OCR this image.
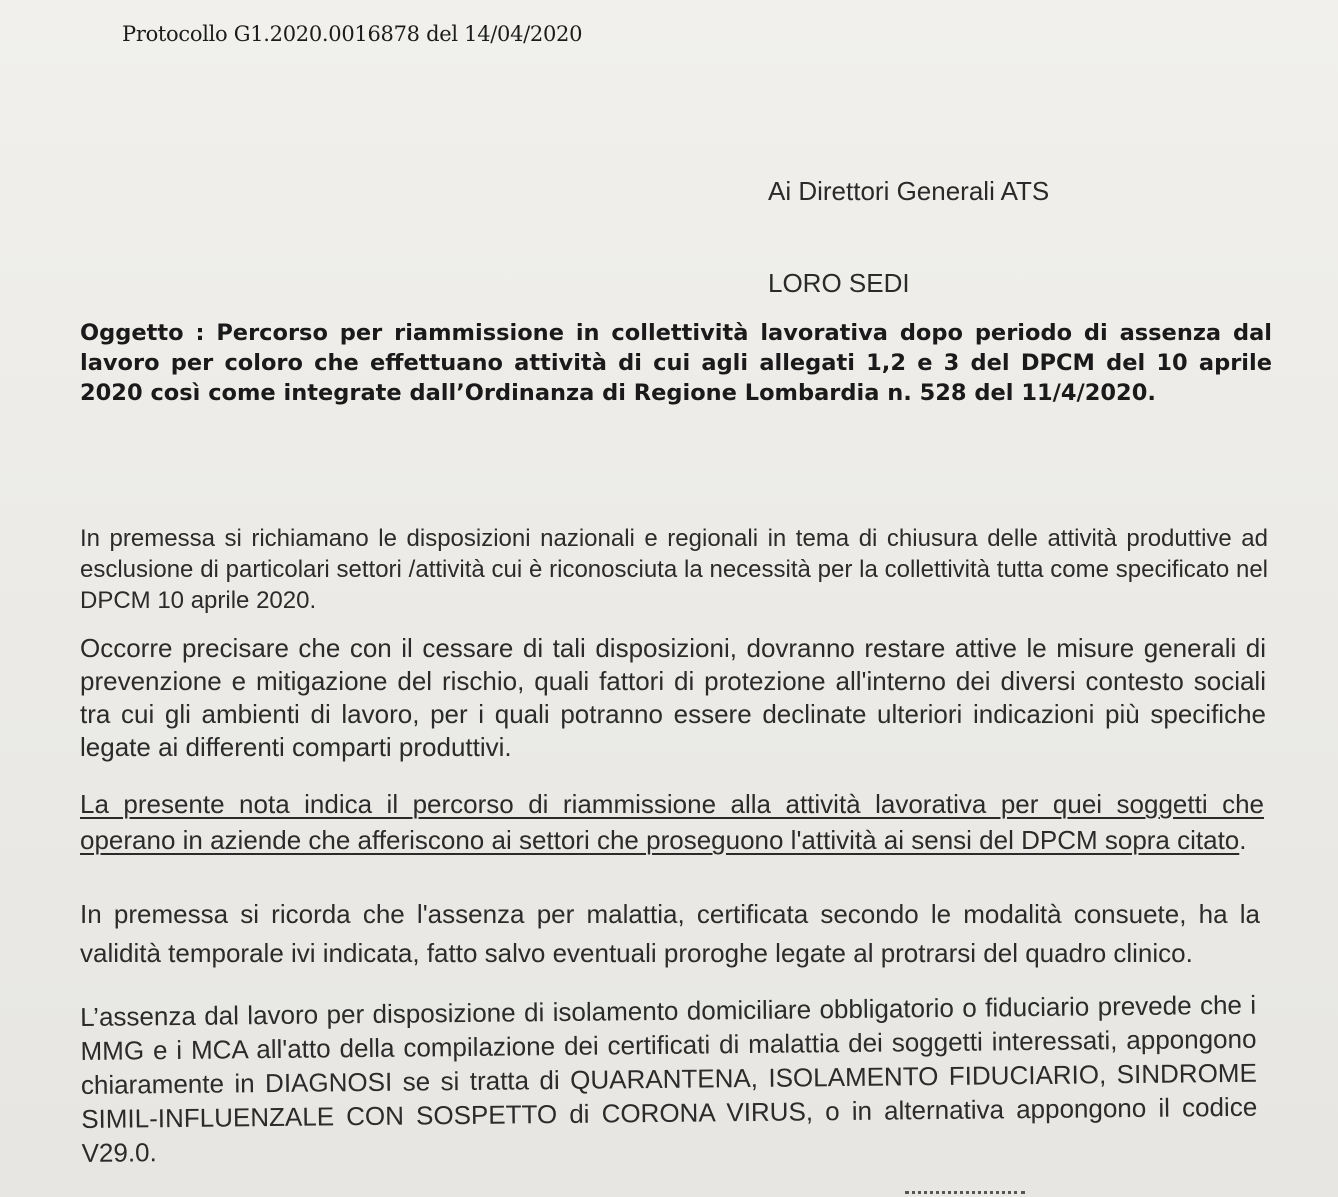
Protocollo G1.2020.0016878 del 14/04/2020
Ai Direttori Generali ATS
LORO SEDI

Oggetto : Percorso per riammissione in collettività lavorativa dopo periodo di assenza dal lavoro per coloro che effettuano attività di cui agli allegati 1,2 e 3 del DPCM del 10 aprile 2020 così come integrate dall’Ordinanza di Regione Lombardia n. 528 del 11/4/2020.

In premessa si richiamano le disposizioni nazionali e regionali in tema di chiusura delle attività produttive ad esclusione di particolari settori /attività cui è riconosciuta la necessità per la collettività tutta come specificato nel DPCM 10 aprile 2020.

Occorre precisare che con il cessare di tali disposizioni, dovranno restare attive le misure generali di prevenzione e mitigazione del rischio, quali fattori di protezione all'interno dei diversi contesto sociali tra cui gli ambienti di lavoro, per i quali potranno essere declinate ulteriori indicazioni più specifiche legate ai differenti comparti produttivi.

La presente nota indica il percorso di riammissione alla attività lavorativa per quei soggetti che operano in aziende che afferiscono ai settori che proseguono l'attività ai sensi del DPCM sopra citato.

In premessa si ricorda che l'assenza per malattia, certificata secondo le modalità consuete, ha la validità temporale ivi indicata, fatto salvo eventuali proroghe legate al protrarsi del quadro clinico.

L’assenza dal lavoro per disposizione di isolamento domiciliare obbligatorio o fiduciario prevede che i MMG e i MCA all'atto della compilazione dei certificati di malattia dei soggetti interessati, appongono chiaramente in DIAGNOSI se si tratta di QUARANTENA, ISOLAMENTO FIDUCIARIO, SINDROME SIMIL-INFLUENZALE CON SOSPETTO di CORONA VIRUS, o in alternativa appongono il codice V29.0.
